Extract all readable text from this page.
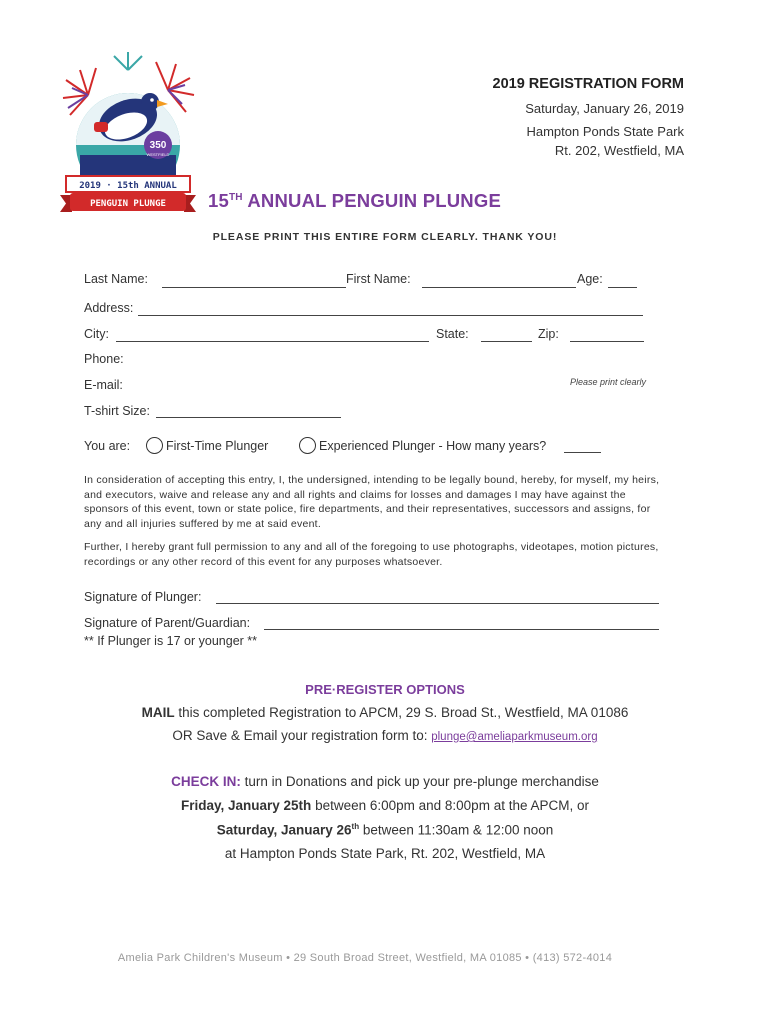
350
WESTFIELD
2019 · 15th ANNUAL
PENGUIN PLUNGE
2019 REGISTRATION FORM
Saturday, January 26, 2019
Hampton Ponds State Park
Rt. 202, Westfield, MA
15TH ANNUAL PENGUIN PLUNGE
PLEASE PRINT THIS ENTIRE FORM CLEARLY. THANK YOU!
Last Name:	First Name:	Age:
Address:
City:	State:	Zip:
Phone:
E-mail:	Please print clearly
T-shirt Size:
You are:	First-Time Plunger	Experienced Plunger - How many years?
In consideration of accepting this entry, I, the undersigned, intending to be legally bound, hereby, for myself, my heirs, and executors, waive and release any and all rights and claims for losses and damages I may have against the sponsors of this event, town or state police, fire departments, and their representatives, successors and assigns, for any and all injuries suffered by me at said event.
Further, I hereby grant full permission to any and all of the foregoing to use photographs, videotapes, motion pictures, recordings or any other record of this event for any purposes whatsoever.
Signature of Plunger:
Signature of Parent/Guardian:
** If Plunger is 17 or younger **
PRE·REGISTER OPTIONS
MAIL this completed Registration to APCM, 29 S. Broad St., Westfield, MA 01086
OR Save & Email your registration form to: plunge@ameliaparkmuseum.org
CHECK IN: turn in Donations and pick up your pre-plunge merchandise
Friday, January 25th between 6:00pm and 8:00pm at the APCM, or
Saturday, January 26th between 11:30am & 12:00 noon
at Hampton Ponds State Park, Rt. 202, Westfield, MA
Amelia Park Children's Museum • 29 South Broad Street, Westfield, MA 01085 • (413) 572-4014
